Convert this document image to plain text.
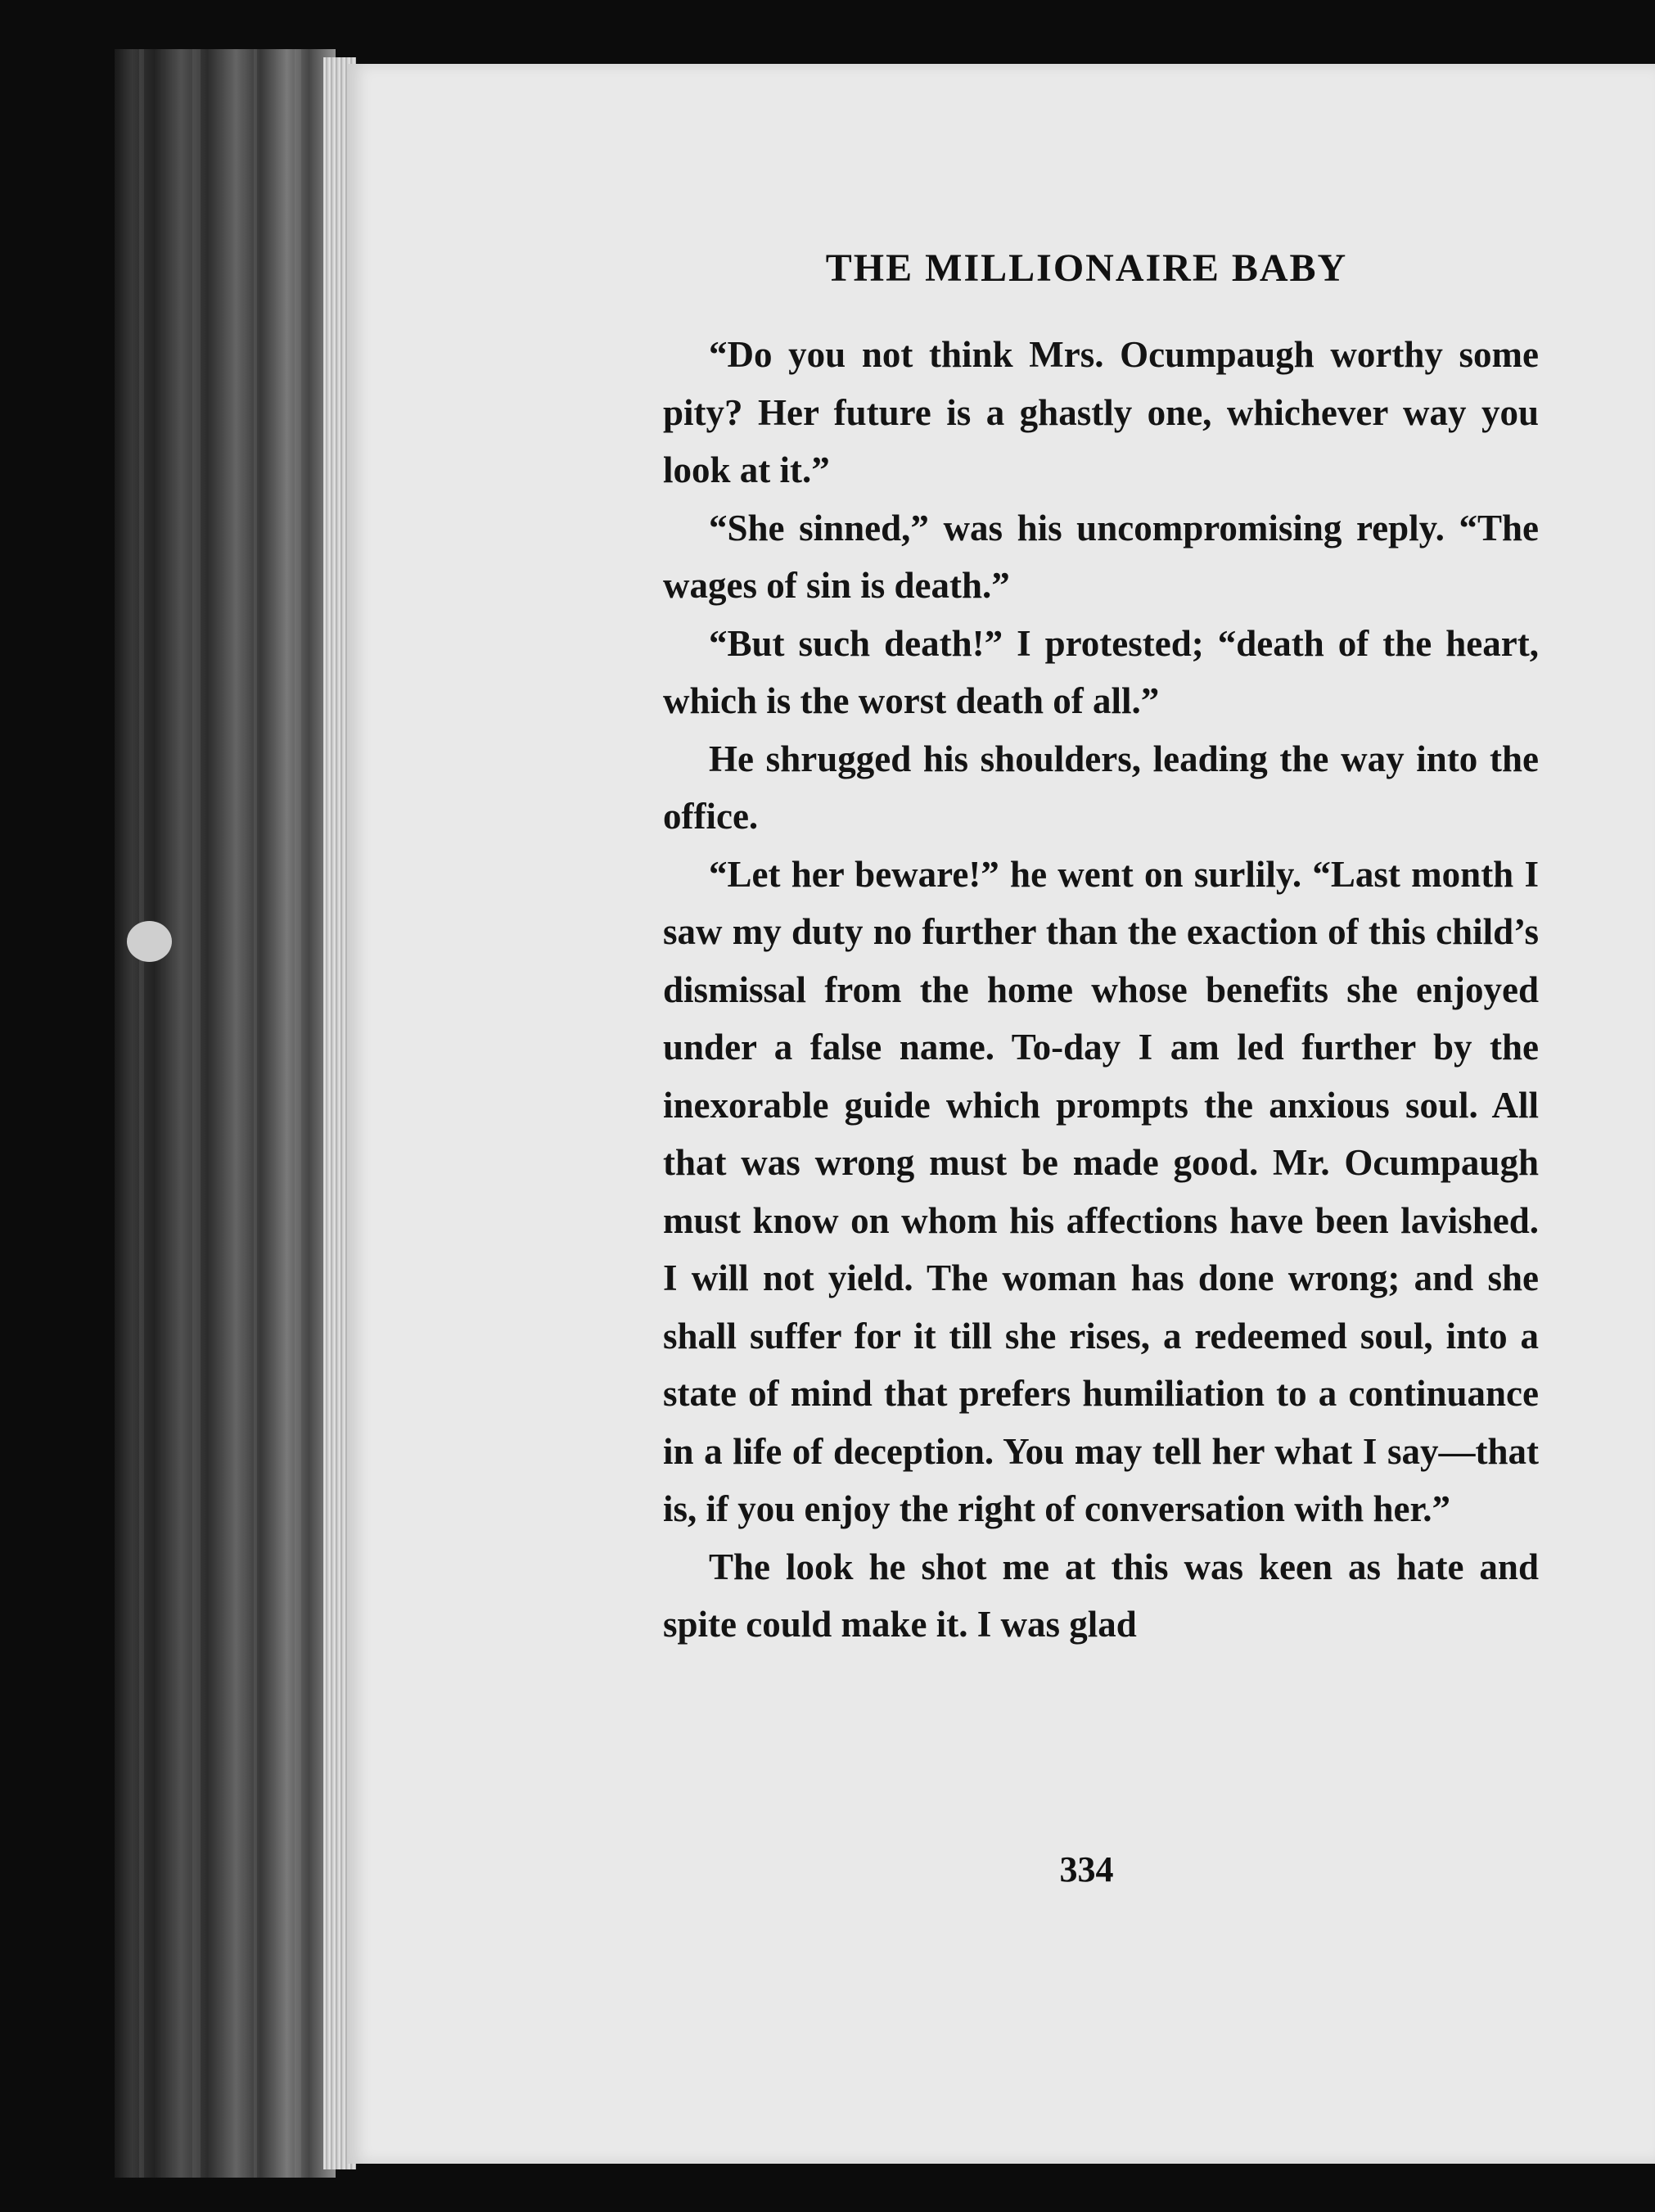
THE MILLIONAIRE BABY

“Do you not think Mrs. Ocumpaugh worthy some pity? Her future is a ghastly one, whichever way you look at it.”

“She sinned,” was his uncompromising reply. “The wages of sin is death.”

“But such death!” I protested; “death of the heart, which is the worst death of all.”

He shrugged his shoulders, leading the way into the office.

“Let her beware!” he went on surlily. “Last month I saw my duty no further than the exaction of this child’s dismissal from the home whose benefits she enjoyed under a false name. To-day I am led further by the inexorable guide which prompts the anxious soul. All that was wrong must be made good. Mr. Ocumpaugh must know on whom his affections have been lavished. I will not yield. The woman has done wrong; and she shall suffer for it till she rises, a redeemed soul, into a state of mind that prefers humiliation to a continuance in a life of deception. You may tell her what I say—that is, if you enjoy the right of conversation with her.”

The look he shot me at this was keen as hate and spite could make it. I was glad

334
